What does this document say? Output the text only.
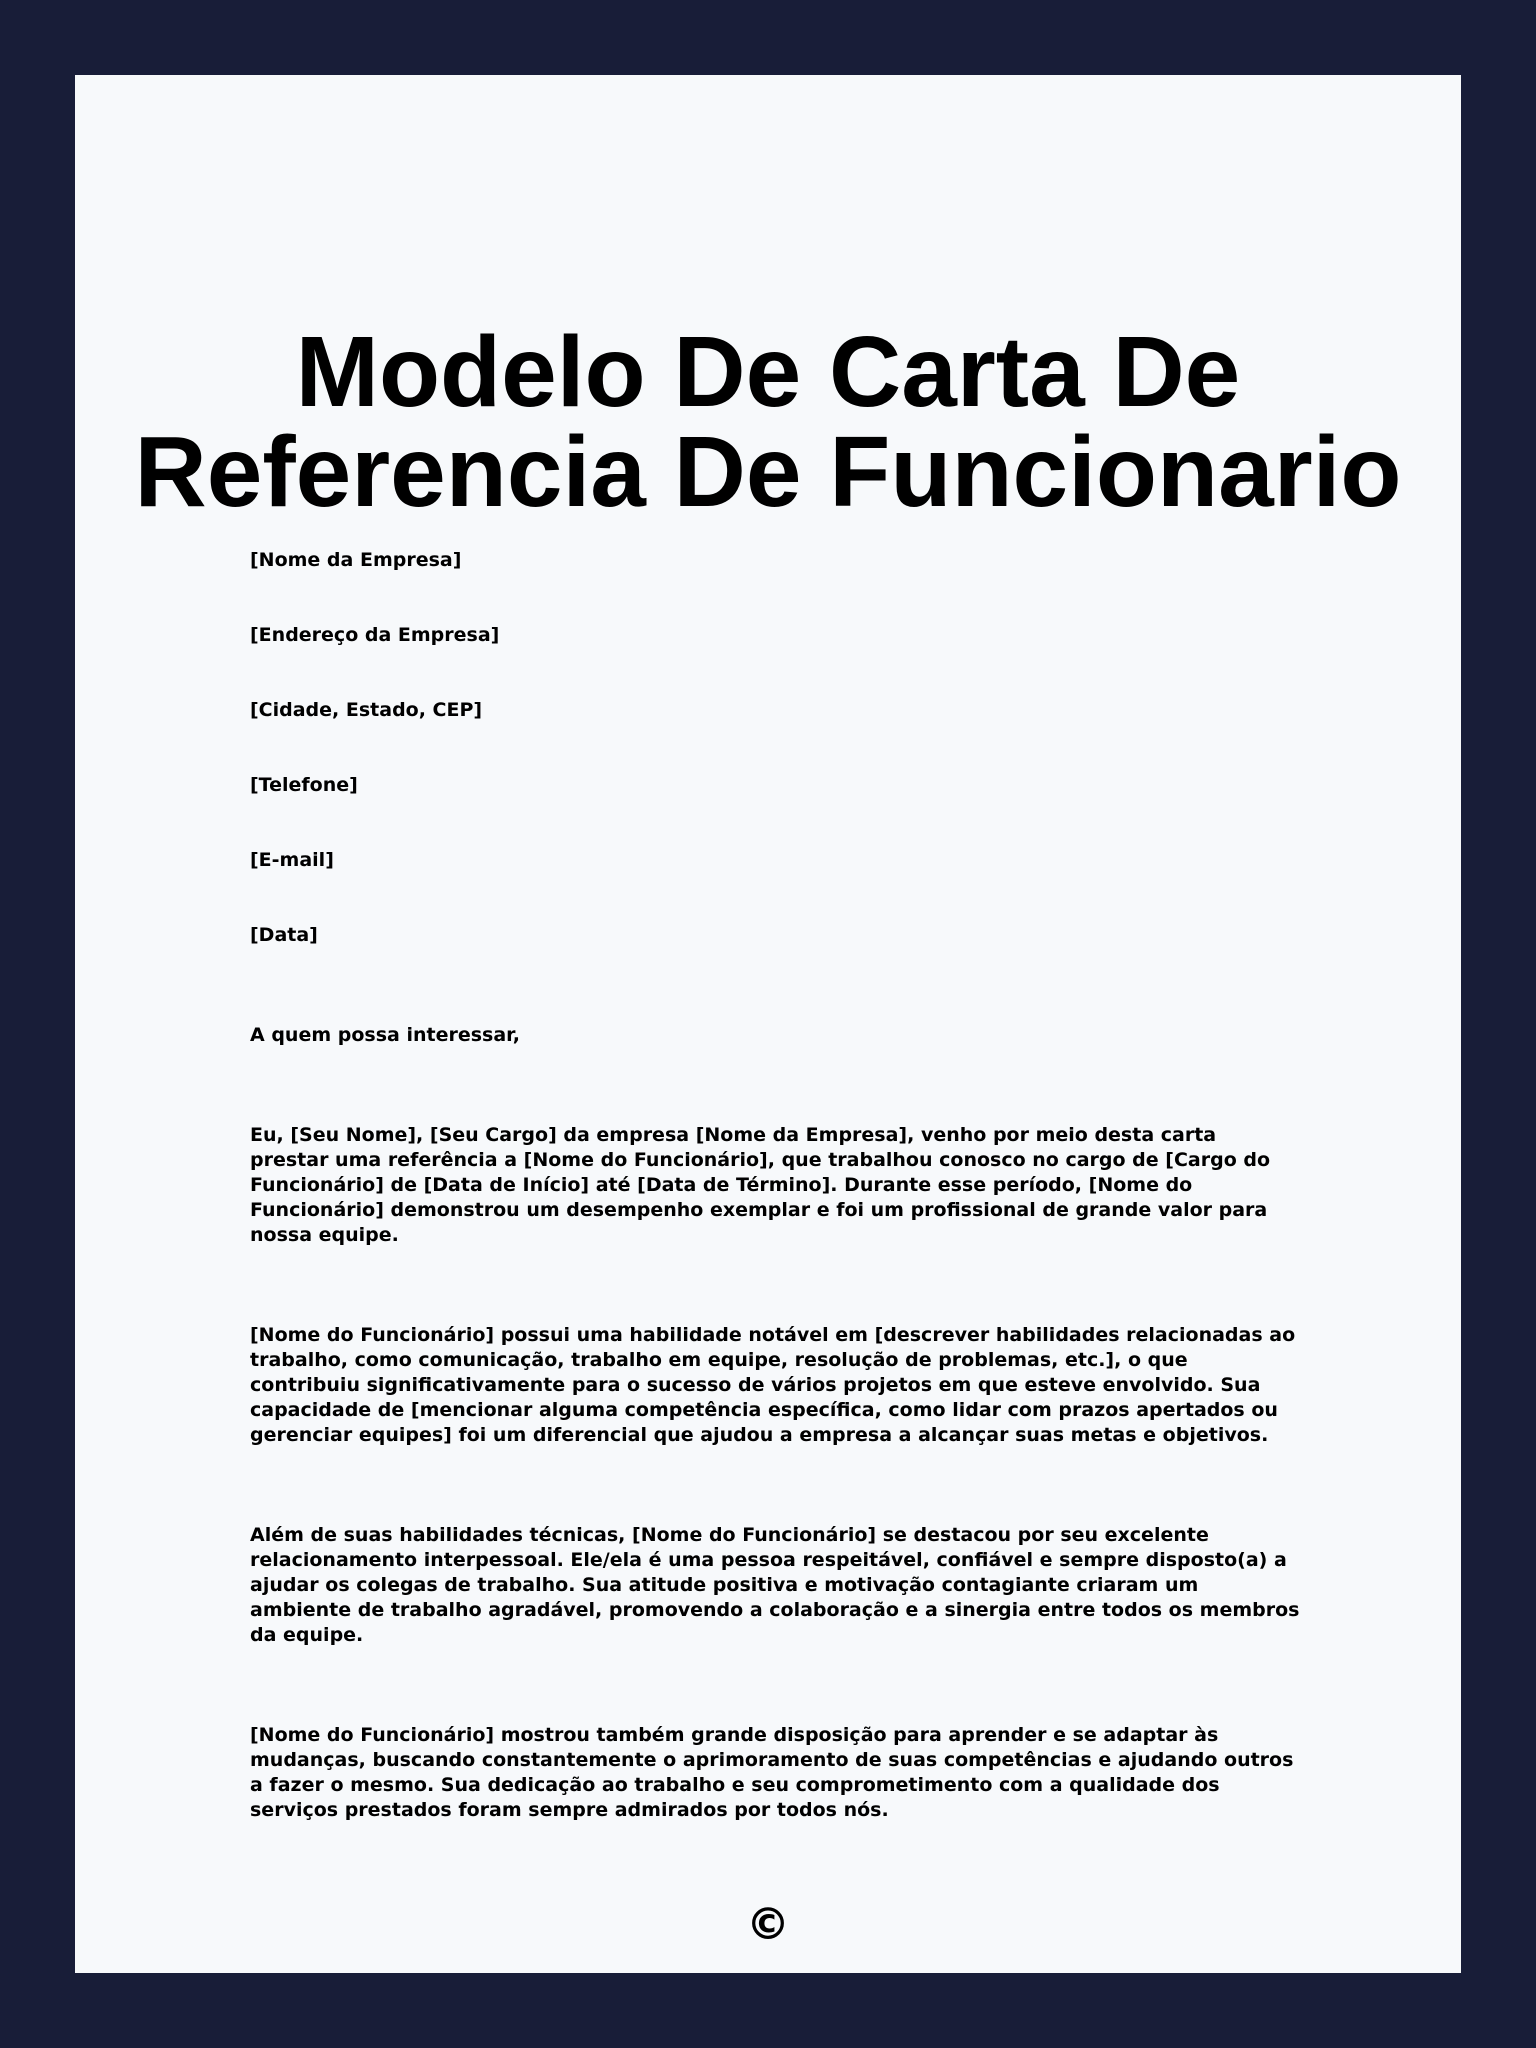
Modelo De Carta De Referencia De Funcionario
[Nome da Empresa]
[Endereço da Empresa]
[Cidade, Estado, CEP]
[Telefone]
[E-mail]
[Data]

A quem possa interessar,

Eu, [Seu Nome], [Seu Cargo] da empresa [Nome da Empresa], venho por meio desta carta prestar uma referência a [Nome do Funcionário], que trabalhou conosco no cargo de [Cargo do Funcionário] de [Data de Início] até [Data de Término]. Durante esse período, [Nome do Funcionário] demonstrou um desempenho exemplar e foi um profissional de grande valor para nossa equipe.

[Nome do Funcionário] possui uma habilidade notável em [descrever habilidades relacionadas ao trabalho, como comunicação, trabalho em equipe, resolução de problemas, etc.], o que contribuiu significativamente para o sucesso de vários projetos em que esteve envolvido. Sua capacidade de [mencionar alguma competência específica, como lidar com prazos apertados ou gerenciar equipes] foi um diferencial que ajudou a empresa a alcançar suas metas e objetivos.

Além de suas habilidades técnicas, [Nome do Funcionário] se destacou por seu excelente relacionamento interpessoal. Ele/ela é uma pessoa respeitável, confiável e sempre disposto(a) a ajudar os colegas de trabalho. Sua atitude positiva e motivação contagiante criaram um ambiente de trabalho agradável, promovendo a colaboração e a sinergia entre todos os membros da equipe.

[Nome do Funcionário] mostrou também grande disposição para aprender e se adaptar às mudanças, buscando constantemente o aprimoramento de suas competências e ajudando outros a fazer o mesmo. Sua dedicação ao trabalho e seu comprometimento com a qualidade dos serviços prestados foram sempre admirados por todos nós.

©
